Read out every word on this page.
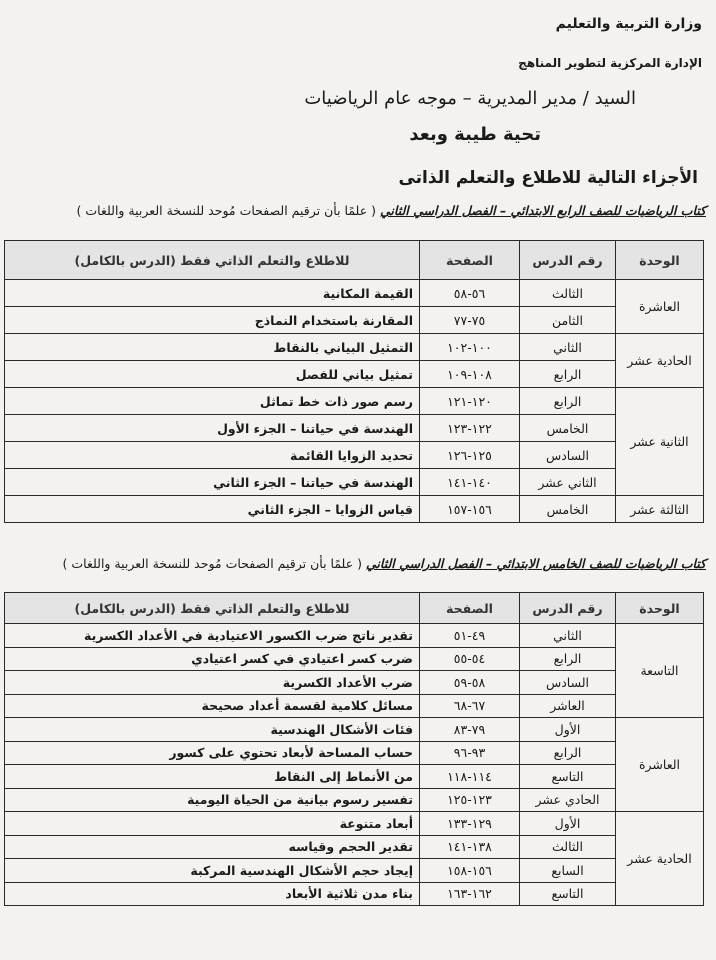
وزارة التربية والتعليم
الإدارة المركزية لتطوير المناهج
السيد / مدير المديرية – موجه عام الرياضيات
تحية طيبة وبعد
الأجزاء التالية للاطلاع والتعلم الذاتى
كتاب الرياضيات للصف الرابع الابتدائي – الفصل الدراسي الثاني ( علمًا بأن ترقيم الصفحات مُوحد للنسخة العربية واللغات )
الوحدة	رقم الدرس	الصفحة	للاطلاع والتعلم الذاتي فقط (الدرس بالكامل)
العاشرة	الثالث	٥٦-٥٨	القيمة المكانية
	الثامن	٧٥-٧٧	المقارنة باستخدام النماذج
الحادية عشر	الثاني	١٠٠-١٠٢	التمثيل البياني بالنقاط
	الرابع	١٠٨-١٠٩	تمثيل بياني للفصل
الثانية عشر	الرابع	١٢٠-١٢١	رسم صور ذات خط تماثل
	الخامس	١٢٢-١٢٣	الهندسة في حياتنا – الجزء الأول
	السادس	١٢٥-١٢٦	تحديد الزوايا القائمة
	الثاني عشر	١٤٠-١٤١	الهندسة في حياتنا – الجزء الثاني
الثالثة عشر	الخامس	١٥٦-١٥٧	قياس الزوايا – الجزء الثاني
كتاب الرياضيات للصف الخامس الابتدائي – الفصل الدراسي الثاني ( علمًا بأن ترقيم الصفحات مُوحد للنسخة العربية واللغات )
الوحدة	رقم الدرس	الصفحة	للاطلاع والتعلم الذاتي فقط (الدرس بالكامل)
التاسعة	الثاني	٤٩-٥١	تقدير ناتج ضرب الكسور الاعتيادية في الأعداد الكسرية
	الرابع	٥٤-٥٥	ضرب كسر اعتيادي في كسر اعتيادي
	السادس	٥٨-٥٩	ضرب الأعداد الكسرية
	العاشر	٦٧-٦٨	مسائل كلامية لقسمة أعداد صحيحة
العاشرة	الأول	٧٩-٨٣	فئات الأشكال الهندسية
	الرابع	٩٣-٩٦	حساب المساحة لأبعاد تحتوي على كسور
	التاسع	١١٤-١١٨	من الأنماط إلى النقاط
	الحادي عشر	١٢٣-١٢٥	تفسير رسوم بيانية من الحياة اليومية
الحادية عشر	الأول	١٢٩-١٣٣	أبعاد متنوعة
	الثالث	١٣٨-١٤١	تقدير الحجم وقياسه
	السابع	١٥٦-١٥٨	إيجاد حجم الأشكال الهندسية المركبة
	التاسع	١٦٢-١٦٣	بناء مدن ثلاثية الأبعاد
